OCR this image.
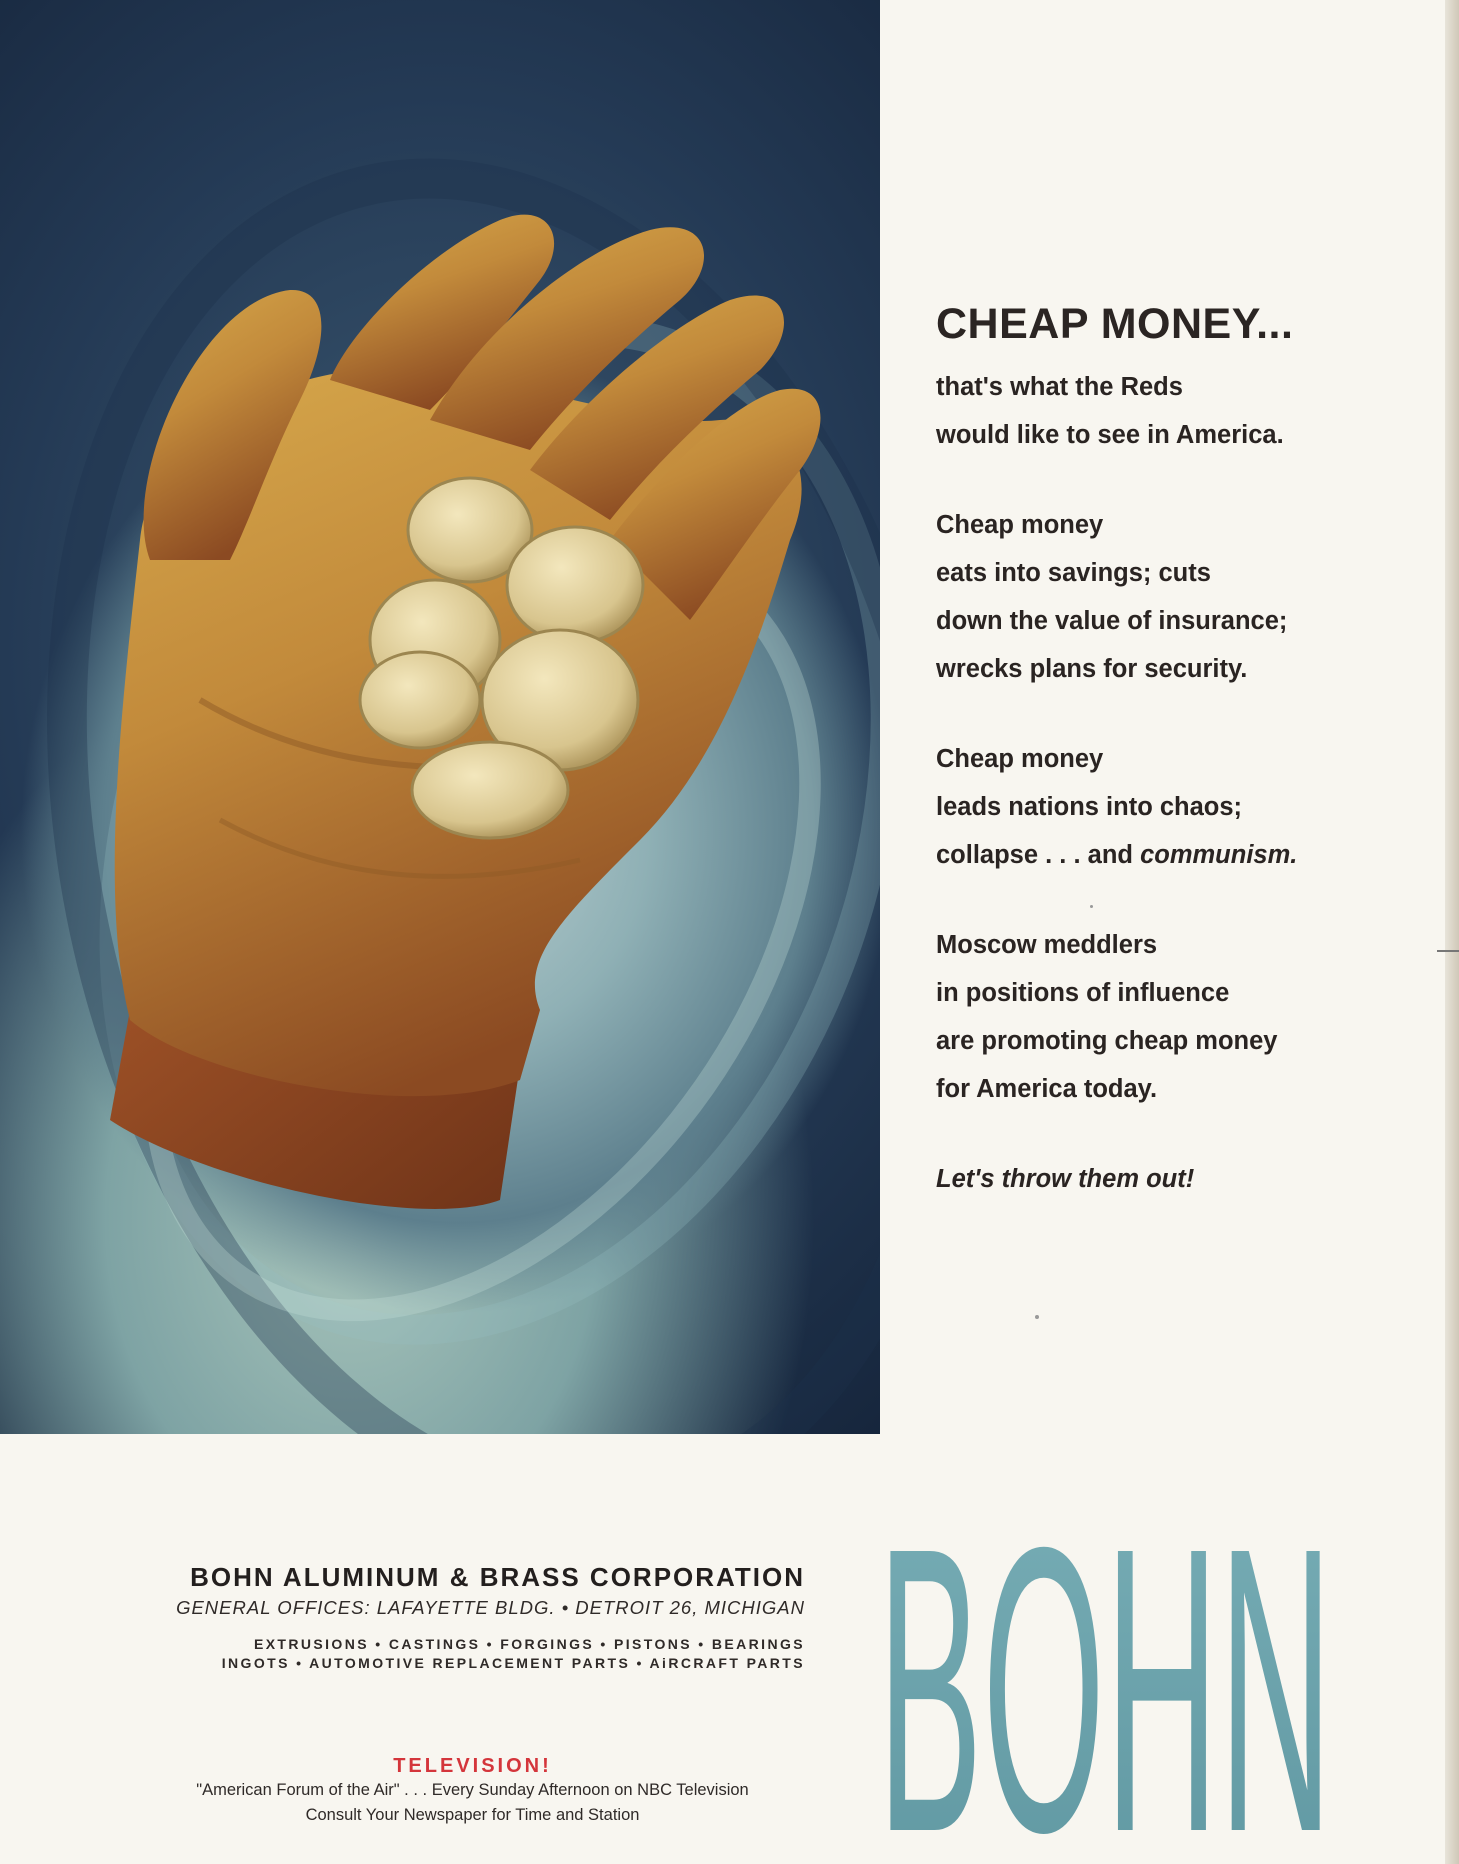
CHEAP MONEY...
that's what the Reds
would like to see in America.
Cheap money
eats into savings; cuts
down the value of insurance;
wrecks plans for security.
Cheap money
leads nations into chaos;
collapse . . . and communism.
Moscow meddlers
in positions of influence
are promoting cheap money
for America today.
Let's throw them out!
BOHN ALUMINUM & BRASS CORPORATION
GENERAL OFFICES: LAFAYETTE BLDG. • DETROIT 26, MICHIGAN
EXTRUSIONS • CASTINGS • FORGINGS • PISTONS • BEARINGS
INGOTS • AUTOMOTIVE REPLACEMENT PARTS • AiRCRAFT PARTS
TELEVISION!
"American Forum of the Air" . . . Every Sunday Afternoon on NBC Television
Consult Your Newspaper for Time and Station BOHN
